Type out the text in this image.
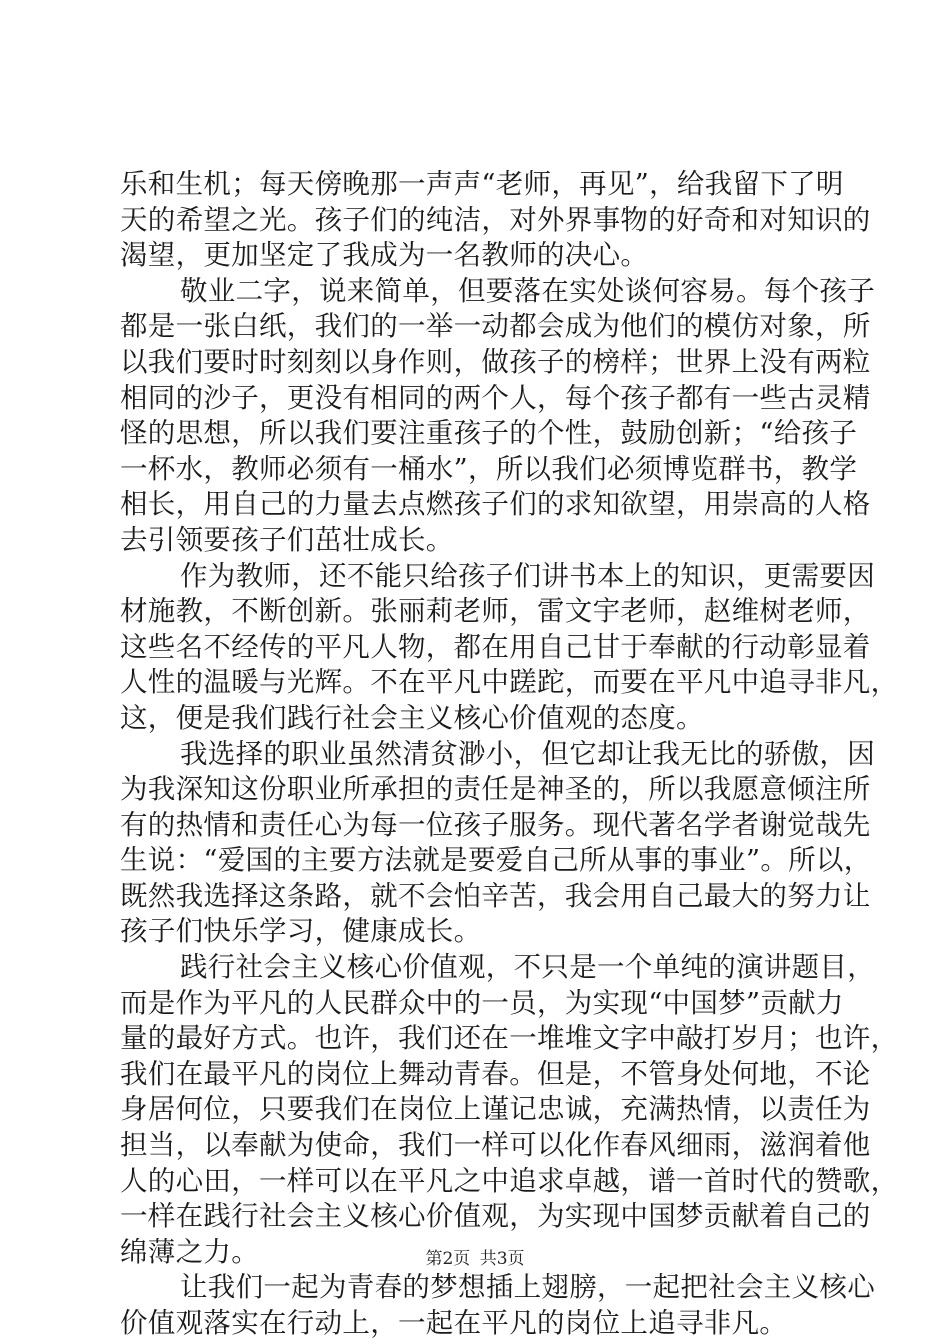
乐和生机；每天傍晚那一声声“老师，再见”，给我留下了明
天的希望之光。孩子们的纯洁，对外界事物的好奇和对知识的
渴望，更加坚定了我成为一名教师的决心。
敬业二字，说来简单，但要落在实处谈何容易。每个孩子
都是一张白纸，我们的一举一动都会成为他们的模仿对象，所
以我们要时时刻刻以身作则，做孩子的榜样；世界上没有两粒
相同的沙子，更没有相同的两个人，每个孩子都有一些古灵精
怪的思想，所以我们要注重孩子的个性，鼓励创新；“给孩子
一杯水，教师必须有一桶水”，所以我们必须博览群书，教学
相长，用自己的力量去点燃孩子们的求知欲望，用崇高的人格
去引领要孩子们茁壮成长。
作为教师，还不能只给孩子们讲书本上的知识，更需要因
材施教，不断创新。张丽莉老师，雷文宇老师，赵维树老师，
这些名不经传的平凡人物，都在用自己甘于奉献的行动彰显着
人性的温暖与光辉。不在平凡中蹉跎，而要在平凡中追寻非凡，
这，便是我们践行社会主义核心价值观的态度。
我选择的职业虽然清贫渺小，但它却让我无比的骄傲，因
为我深知这份职业所承担的责任是神圣的，所以我愿意倾注所
有的热情和责任心为每一位孩子服务。现代著名学者谢觉哉先
生说：“爱国的主要方法就是要爱自己所从事的事业”。所以，
既然我选择这条路，就不会怕辛苦，我会用自己最大的努力让
孩子们快乐学习，健康成长。
践行社会主义核心价值观，不只是一个单纯的演讲题目，
而是作为平凡的人民群众中的一员，为实现“中国梦”贡献力
量的最好方式。也许，我们还在一堆堆文字中敲打岁月；也许，
我们在最平凡的岗位上舞动青春。但是，不管身处何地，不论
身居何位，只要我们在岗位上谨记忠诚，充满热情，以责任为
担当，以奉献为使命，我们一样可以化作春风细雨，滋润着他
人的心田，一样可以在平凡之中追求卓越，谱一首时代的赞歌，
一样在践行社会主义核心价值观，为实现中国梦贡献着自己的
绵薄之力。
让我们一起为青春的梦想插上翅膀，一起把社会主义核心
价值观落实在行动上，一起在平凡的岗位上追寻非凡。
第2页 共3页
